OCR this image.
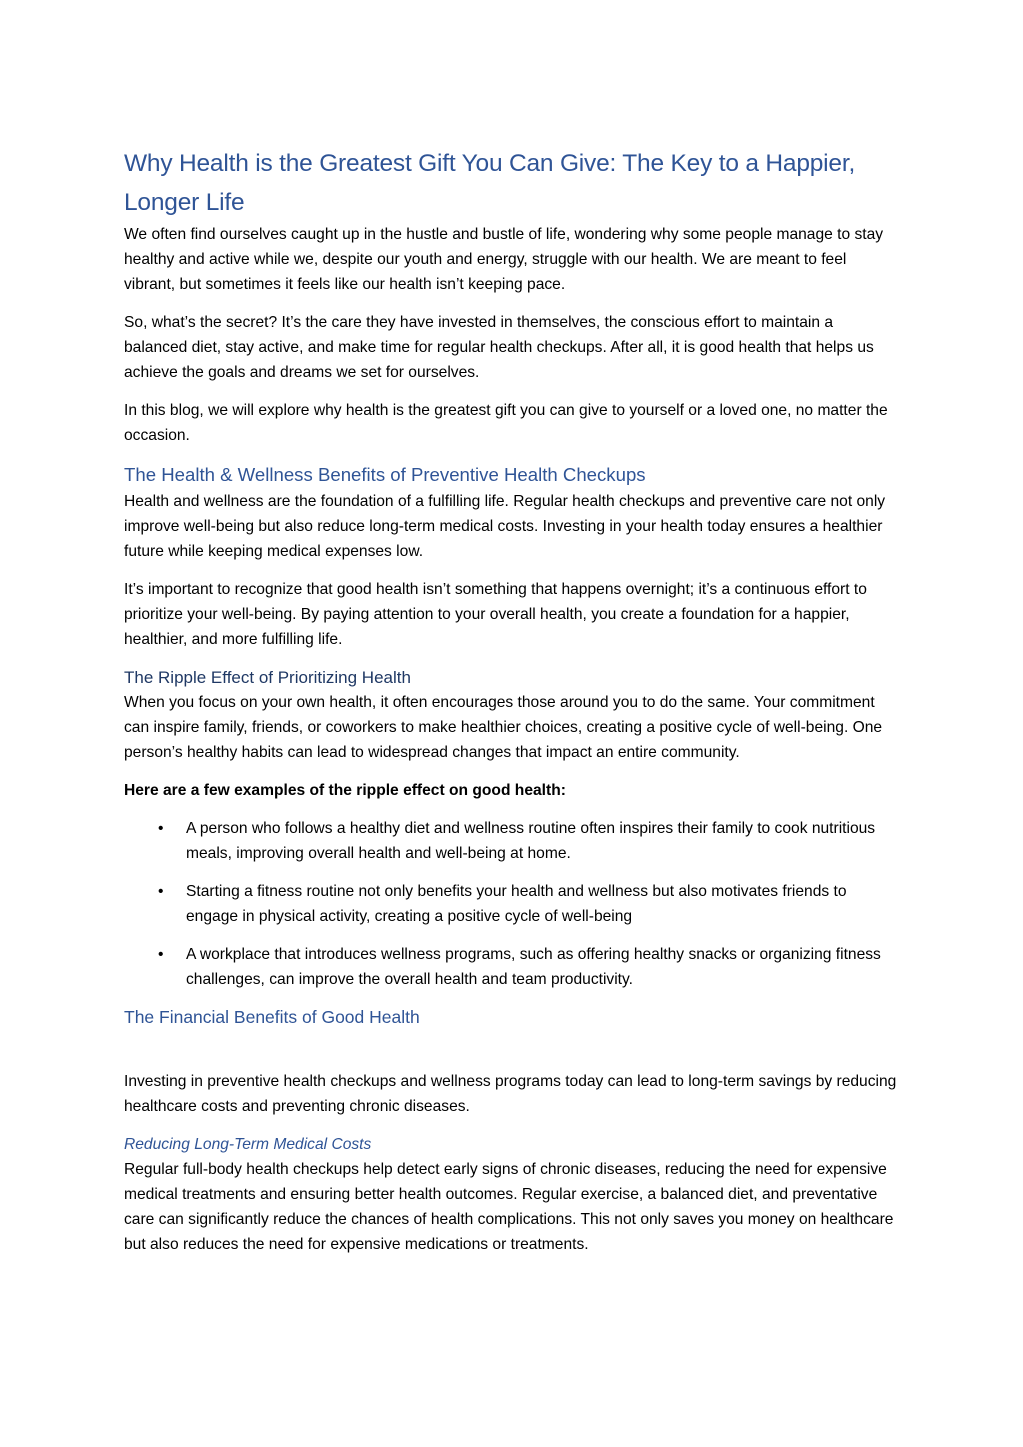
Why Health is the Greatest Gift You Can Give: The Key to a Happier, Longer Life

We often find ourselves caught up in the hustle and bustle of life, wondering why some people manage to stay healthy and active while we, despite our youth and energy, struggle with our health. We are meant to feel vibrant, but sometimes it feels like our health isn’t keeping pace.

So, what’s the secret? It’s the care they have invested in themselves, the conscious effort to maintain a balanced diet, stay active, and make time for regular health checkups. After all, it is good health that helps us achieve the goals and dreams we set for ourselves.

In this blog, we will explore why health is the greatest gift you can give to yourself or a loved one, no matter the occasion.

The Health & Wellness Benefits of Preventive Health Checkups

Health and wellness are the foundation of a fulfilling life. Regular health checkups and preventive care not only improve well-being but also reduce long-term medical costs. Investing in your health today ensures a healthier future while keeping medical expenses low.

It’s important to recognize that good health isn’t something that happens overnight; it’s a continuous effort to prioritize your well-being. By paying attention to your overall health, you create a foundation for a happier, healthier, and more fulfilling life.

The Ripple Effect of Prioritizing Health

When you focus on your own health, it often encourages those around you to do the same. Your commitment can inspire family, friends, or coworkers to make healthier choices, creating a positive cycle of well-being. One person’s healthy habits can lead to widespread changes that impact an entire community.

Here are a few examples of the ripple effect on good health:

• A person who follows a healthy diet and wellness routine often inspires their family to cook nutritious meals, improving overall health and well-being at home.
• Starting a fitness routine not only benefits your health and wellness but also motivates friends to engage in physical activity, creating a positive cycle of well-being
• A workplace that introduces wellness programs, such as offering healthy snacks or organizing fitness challenges, can improve the overall health and team productivity.
The Financial Benefits of Good Health

Investing in preventive health checkups and wellness programs today can lead to long-term savings by reducing healthcare costs and preventing chronic diseases.

Reducing Long-Term Medical Costs

Regular full-body health checkups help detect early signs of chronic diseases, reducing the need for expensive medical treatments and ensuring better health outcomes. Regular exercise, a balanced diet, and preventative care can significantly reduce the chances of health complications. This not only saves you money on healthcare but also reduces the need for expensive medications or treatments.
